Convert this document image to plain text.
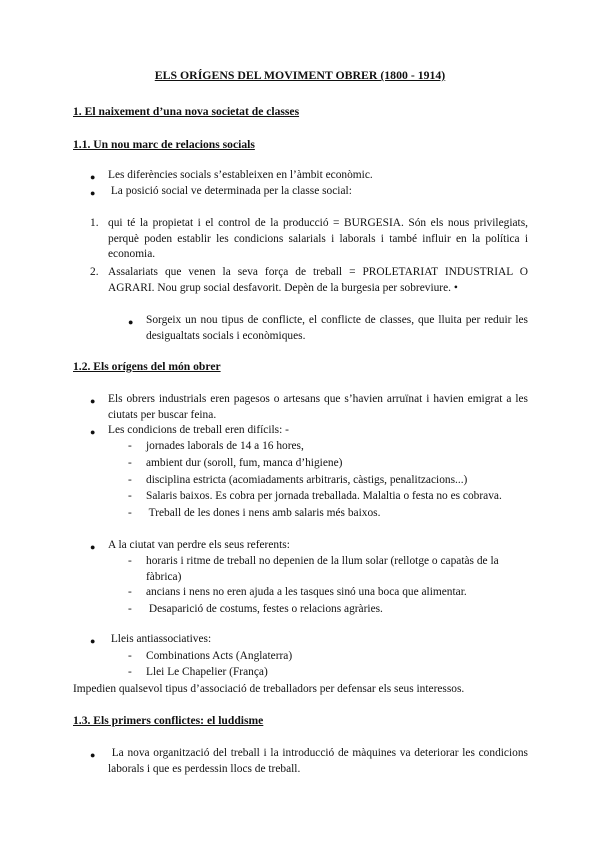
ELS ORÍGENS DEL MOVIMENT OBRER (1800 - 1914)
1. El naixement d’una nova societat de classes
1.1. Un nou marc de relacions socials
● Les diferències socials s’estableixen en l’àmbit econòmic.
● La posició social ve determinada per la classe social:
1. qui té la propietat i el control de la producció = BURGESIA. Són els nous privilegiats, perquè poden establir les condicions salarials i laborals i també influir en la política i economia.
2. Assalariats que venen la seva força de treball = PROLETARIAT INDUSTRIAL O AGRARI. Nou grup social desfavorit. Depèn de la burgesia per sobreviure. •
● Sorgeix un nou tipus de conflicte, el conflicte de classes, que lluita per reduir les desigualtats socials i econòmiques.
1.2. Els orígens del món obrer
● Els obrers industrials eren pagesos o artesans que s’havien arruïnat i havien emigrat a les ciutats per buscar feina.
● Les condicions de treball eren difícils: -
- jornades laborals de 14 a 16 hores,
- ambient dur (soroll, fum, manca d’higiene)
- disciplina estricta (acomiadaments arbitraris, càstigs, penalitzacions...)
- Salaris baixos. Es cobra per jornada treballada. Malaltia o festa no es cobrava.
- Treball de les dones i nens amb salaris més baixos.
● A la ciutat van perdre els seus referents:
- horaris i ritme de treball no depenien de la llum solar (rellotge o capatàs de la fàbrica)
- ancians i nens no eren ajuda a les tasques sinó una boca que alimentar.
- Desaparició de costums, festes o relacions agràries.
● Lleis antiassociatives:
- Combinations Acts (Anglaterra)
- Llei Le Chapelier (França)
Impedien qualsevol tipus d’associació de treballadors per defensar els seus interessos.
1.3. Els primers conflictes: el luddisme
● La nova organització del treball i la introducció de màquines va deteriorar les condicions laborals i que es perdessin llocs de treball.
